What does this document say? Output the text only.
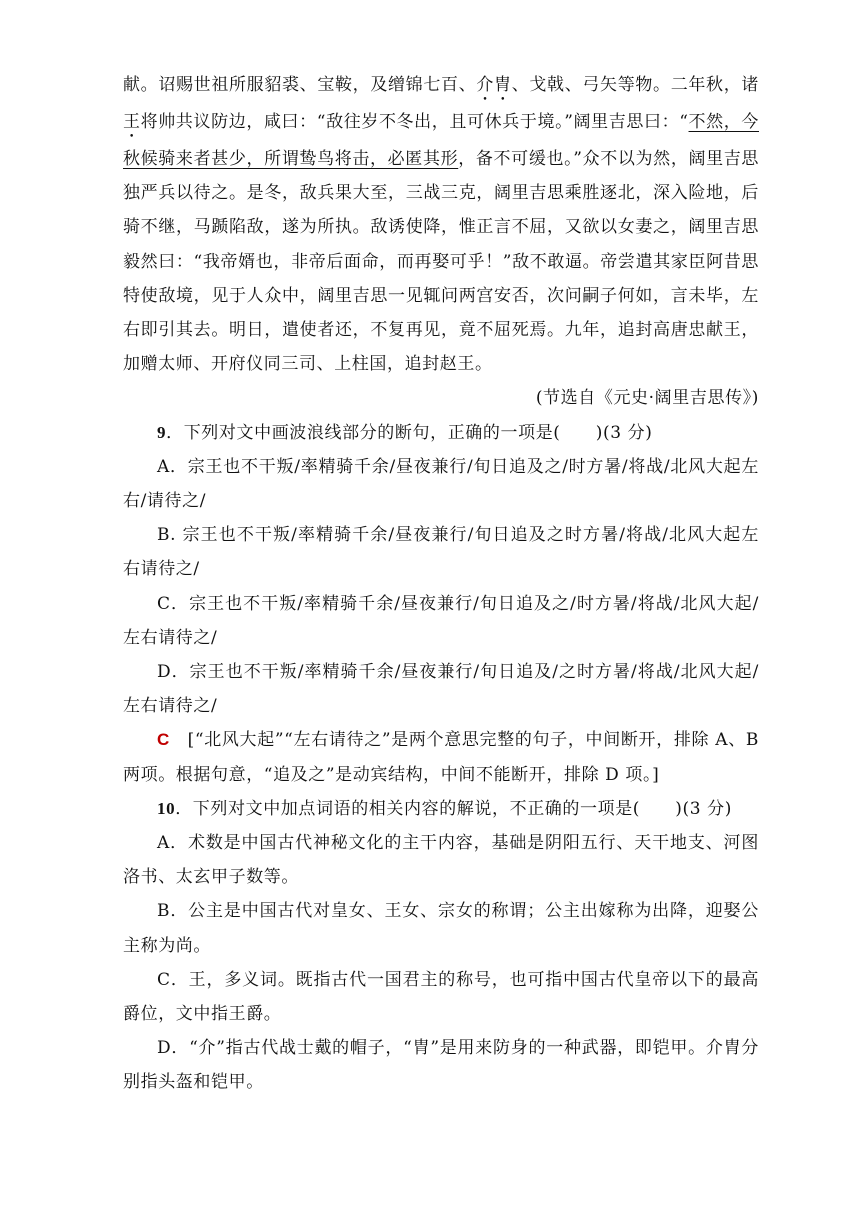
献。诏赐世祖所服貂裘、宝鞍，及缯锦七百、介胄、戈戟、弓矢等物。二年秋，诸王将帅共议防边，咸曰：“敌往岁不冬出，且可休兵于境。”阔里吉思曰：“不然，今秋候骑来者甚少，所谓鸷鸟将击，必匿其形，备不可缓也。”众不以为然，阔里吉思独严兵以待之。是冬，敌兵果大至，三战三克，阔里吉思乘胜逐北，深入险地，后骑不继，马踬陷敌，遂为所执。敌诱使降，惟正言不屈，又欲以女妻之，阔里吉思毅然曰：“我帝婿也，非帝后面命，而再娶可乎！”敌不敢逼。帝尝遣其家臣阿昔思特使敌境，见于人众中，阔里吉思一见辄问两宫安否，次问嗣子何如，言未毕，左右即引其去。明日，遣使者还，不复再见，竟不屈死焉。九年，追封高唐忠献王，加赠太师、开府仪同三司、上柱国，追封赵王。

(节选自《元史·阔里吉思传》)

9．下列对文中画波浪线部分的断句，正确的一项是(　　)(3 分)

A．宗王也不干叛/率精骑千余/昼夜兼行/旬日追及之/时方暑/将战/北风大起左右/请待之/

B. 宗王也不干叛/率精骑千余/昼夜兼行/旬日追及之时方暑/将战/北风大起左右请待之/

C．宗王也不干叛/率精骑千余/昼夜兼行/旬日追及之/时方暑/将战/北风大起/左右请待之/

D．宗王也不干叛/率精骑千余/昼夜兼行/旬日追及/之时方暑/将战/北风大起/左右请待之/

C　[“北风大起”“左右请待之”是两个意思完整的句子，中间断开，排除 A、B 两项。根据句意，“追及之”是动宾结构，中间不能断开，排除 D 项。]

10．下列对文中加点词语的相关内容的解说，不正确的一项是(　　)(3 分)

A．术数是中国古代神秘文化的主干内容，基础是阴阳五行、天干地支、河图洛书、太玄甲子数等。

B．公主是中国古代对皇女、王女、宗女的称谓；公主出嫁称为出降，迎娶公主称为尚。

C．王，多义词。既指古代一国君主的称号，也可指中国古代皇帝以下的最高爵位，文中指王爵。

D．“介”指古代战士戴的帽子，“胄”是用来防身的一种武器，即铠甲。介胄分别指头盔和铠甲。
